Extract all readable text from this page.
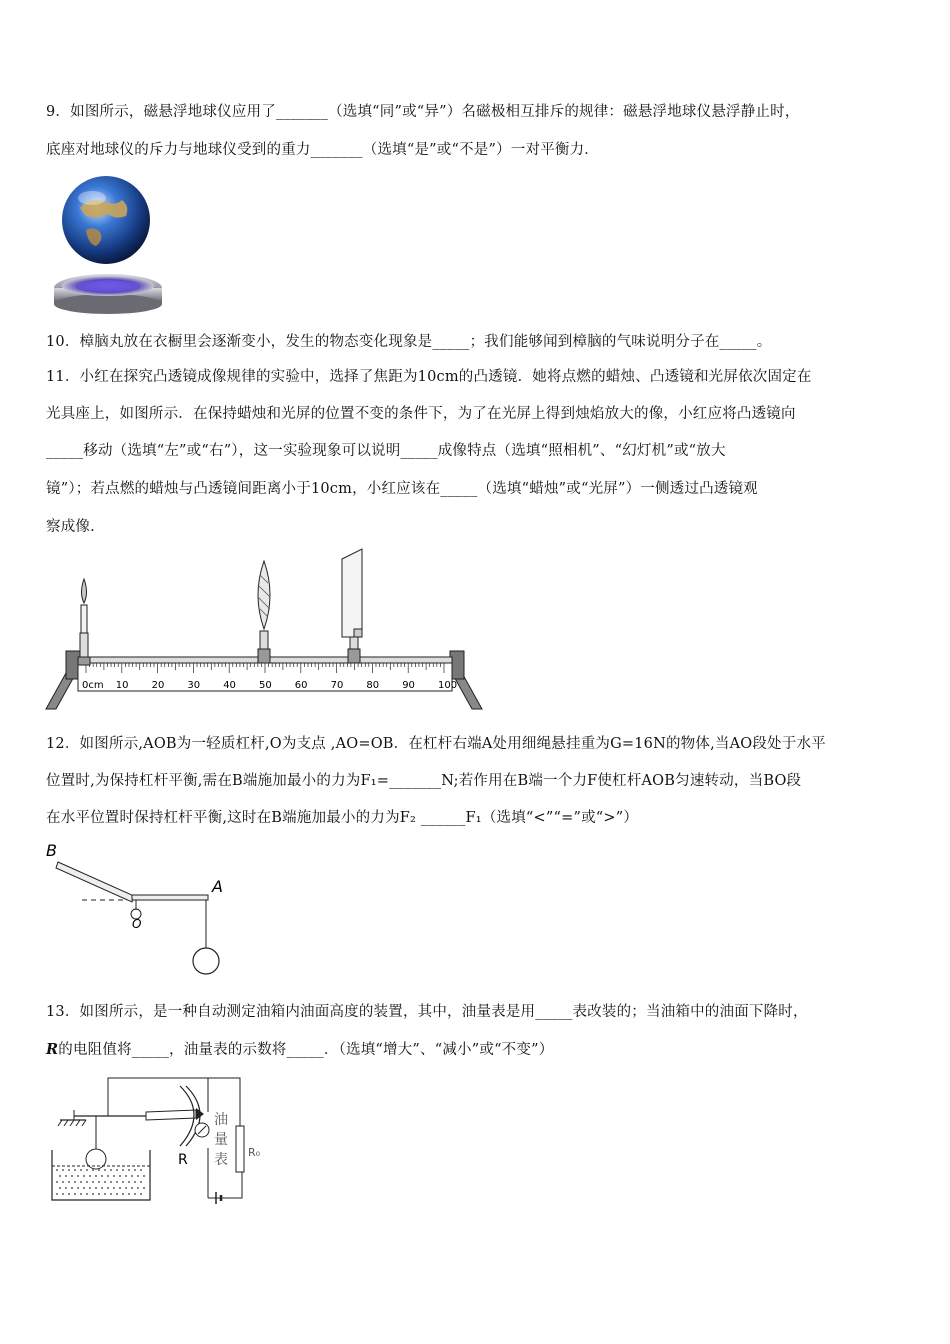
9．如图所示，磁悬浮地球仪应用了_______（选填“同”或“异”）名磁极相互排斥的规律：磁悬浮地球仪悬浮静止时，
底座对地球仪的斥力与地球仪受到的重力_______（选填“是”或“不是”）一对平衡力．
10．樟脑丸放在衣橱里会逐渐变小，发生的物态变化现象是_____；我们能够闻到樟脑的气味说明分子在_____。
11．小红在探究凸透镜成像规律的实验中，选择了焦距为10cm的凸透镜．她将点燃的蜡烛、凸透镜和光屏依次固定在
光具座上，如图所示．在保持蜡烛和光屏的位置不变的条件下，为了在光屏上得到烛焰放大的像，小红应将凸透镜向
_____移动（选填“左”或“右”），这一实验现象可以说明_____成像特点（选填“照相机”、“幻灯机”或“放大
镜”）；若点燃的蜡烛与凸透镜间距离小于10cm，小红应该在_____（选填“蜡烛”或“光屏”）一侧透过凸透镜观
察成像.
0cm 10 20 30 40 50 60 70 80 90 100
12．如图所示,AOB为一轻质杠杆,O为支点 ,AO=OB．在杠杆右端A处用细绳悬挂重为G=16N的物体,当AO段处于水平
位置时,为保持杠杆平衡,需在B端施加最小的力为F₁=_______N;若作用在B端一个力F使杠杆AOB匀速转动，当BO段
在水平位置时保持杠杆平衡,这时在B端施加最小的力为F₂ ______F₁（选填“<”“=”或“>”）
B
A
O
13．如图所示，是一种自动测定油箱内油面高度的装置，其中，油量表是用_____表改装的；当油箱中的油面下降时，
R的电阻值将_____，油量表的示数将_____．（选填“增大”、“减小”或“不变”）
R
油
量
表 R₀
